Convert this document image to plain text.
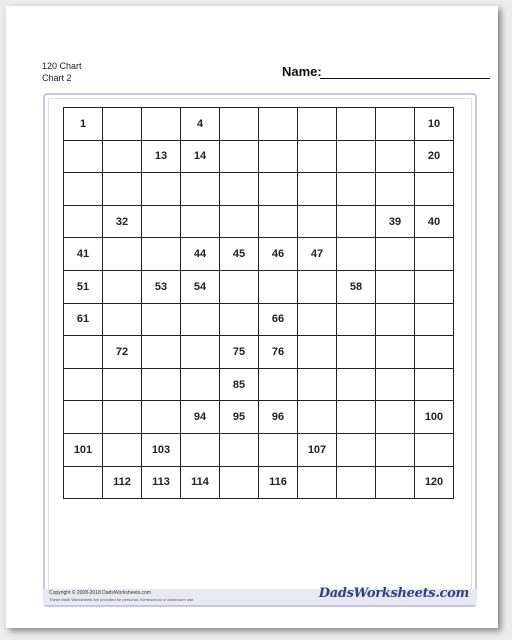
120 Chart
Chart 2	Name:
1			4						10
		13	14						20

	32							39	40
41			44	45	46	47			
51		53	54				58		
61					66				
	72			75	76				
				85					
			94	95	96				100
101		103				107			
	112	113	114		116				120
Copyright © 2008-2018 DadsWorksheets.com
These Math Worksheets are provided for personal, homeschool or classroom use.	DadsWorksheets.com
